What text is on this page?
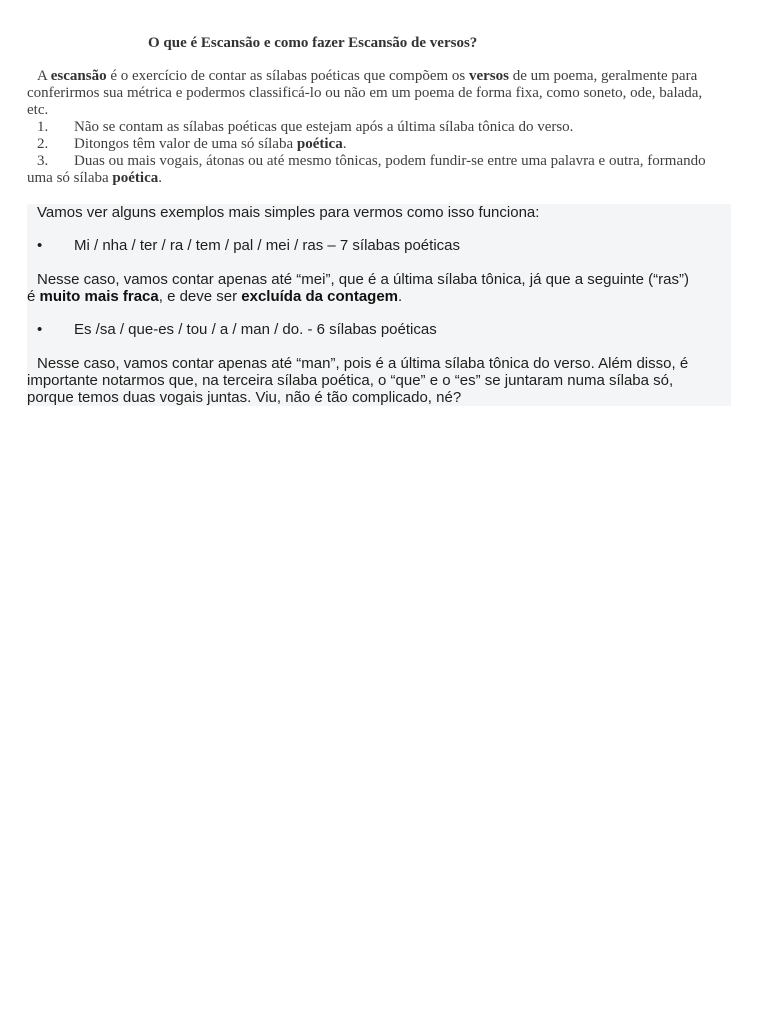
O que é Escansão e como fazer Escansão de versos?
A escansão é o exercício de contar as sílabas poéticas que compõem os versos de um poema, geralmente para
conferirmos sua métrica e podermos classificá-lo ou não em um poema de forma fixa, como soneto, ode, balada,
etc.
1. Não se contam as sílabas poéticas que estejam após a última sílaba tônica do verso.
2. Ditongos têm valor de uma só sílaba poética.
3. Duas ou mais vogais, átonas ou até mesmo tônicas, podem fundir-se entre uma palavra e outra, formando
uma só sílaba poética.
Vamos ver alguns exemplos mais simples para vermos como isso funciona:
• Mi / nha / ter / ra / tem / pal / mei / ras – 7 sílabas poéticas
Nesse caso, vamos contar apenas até “mei”, que é a última sílaba tônica, já que a seguinte (“ras”)
é muito mais fraca, e deve ser excluída da contagem.
• Es /sa / que-es / tou / a / man / do. - 6 sílabas poéticas
Nesse caso, vamos contar apenas até “man”, pois é a última sílaba tônica do verso. Além disso, é
importante notarmos que, na terceira sílaba poética, o “que” e o “es” se juntaram numa sílaba só,
porque temos duas vogais juntas. Viu, não é tão complicado, né?
